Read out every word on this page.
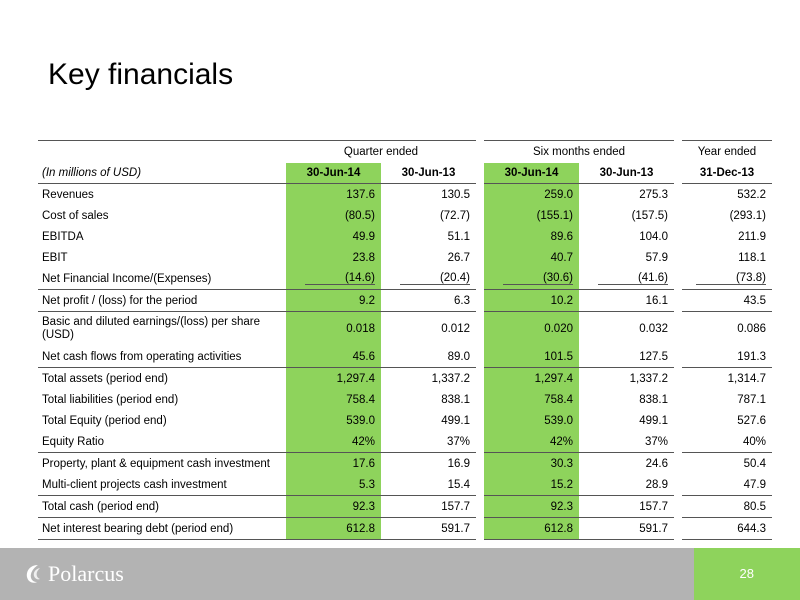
Key financials
	Quarter ended			Six months ended			Year ended
(In millions of USD)	30-Jun-14	30-Jun-13		30-Jun-14	30-Jun-13		31-Dec-13
Revenues	137.6	130.5		259.0	275.3		532.2
Cost of sales	(80.5)	(72.7)		(155.1)	(157.5)		(293.1)
EBITDA	49.9	51.1		89.6	104.0		211.9
EBIT	23.8	26.7		40.7	57.9		118.1
Net Financial Income/(Expenses)	(14.6)	(20.4)		(30.6)	(41.6)		(73.8)
Net profit / (loss) for the period	9.2	6.3		10.2	16.1		43.5
Basic and diluted earnings/(loss) per share (USD)	0.018	0.012		0.020	0.032		0.086
Net cash flows from operating activities	45.6	89.0		101.5	127.5		191.3
Total assets (period end)	1,297.4	1,337.2		1,297.4	1,337.2		1,314.7
Total liabilities (period end)	758.4	838.1		758.4	838.1		787.1
Total Equity (period end)	539.0	499.1		539.0	499.1		527.6
Equity Ratio	42%	37%		42%	37%		40%
Property, plant & equipment cash investment	17.6	16.9		30.3	24.6		50.4
Multi-client projects cash investment	5.3	15.4		15.2	28.9		47.9
Total cash (period end)	92.3	157.7		92.3	157.7		80.5
Net interest bearing debt (period end)	612.8	591.7		612.8	591.7		644.3
Polarcus	28
